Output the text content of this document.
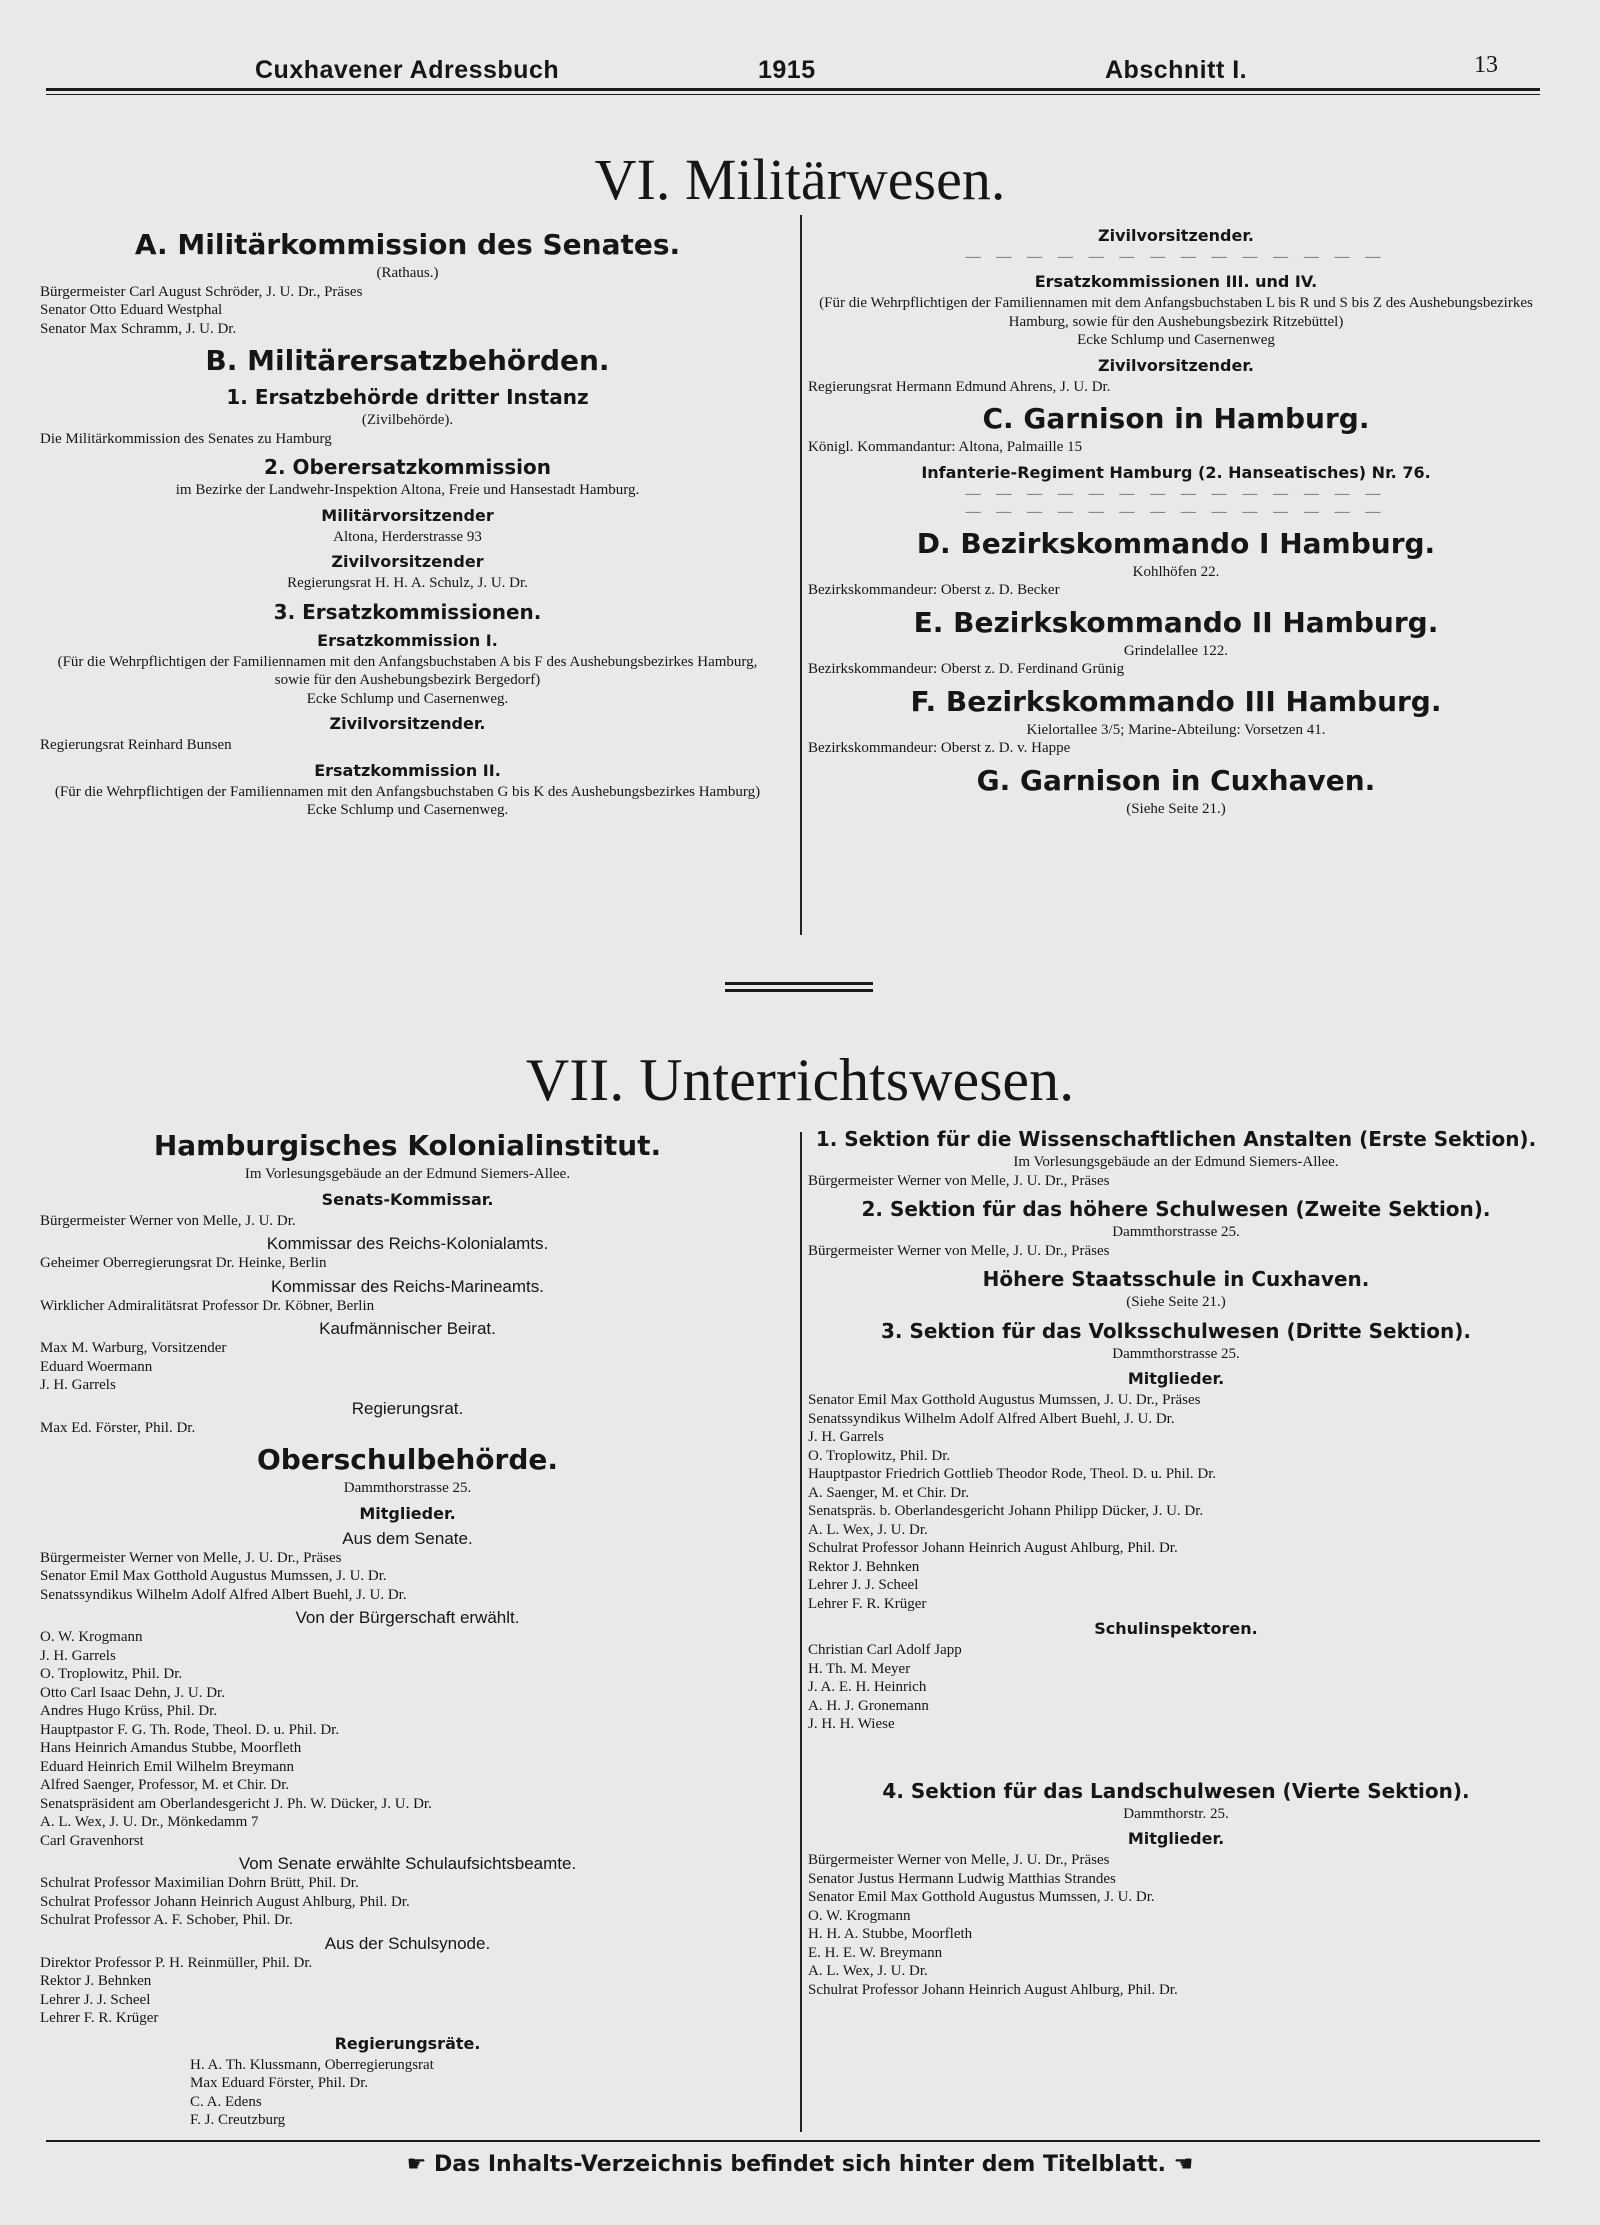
Cuxhavener Adressbuch	1915	Abschnitt I.	13
VI. Militärwesen.
A. Militärkommission des Senates.
(Rathaus.)
Bürgermeister Carl August Schröder, J. U. Dr., Präses
Senator Otto Eduard Westphal
Senator Max Schramm, J. U. Dr.
B. Militärersatzbehörden.
1. Ersatzbehörde dritter Instanz
(Zivilbehörde).
Die Militärkommission des Senates zu Hamburg
2. Oberersatzkommission
im Bezirke der Landwehr-Inspektion Altona, Freie und Hansestadt Hamburg.
Militärvorsitzender
Altona, Herderstrasse 93
Zivilvorsitzender
Regierungsrat H. H. A. Schulz, J. U. Dr.
3. Ersatzkommissionen.
Ersatzkommission I.
(Für die Wehrpflichtigen der Familiennamen mit den Anfangsbuchstaben A bis F des Aushebungsbezirkes Hamburg, sowie für den Aushebungsbezirk Bergedorf)
Ecke Schlump und Casernenweg.
Zivilvorsitzender.
Regierungsrat Reinhard Bunsen
Ersatzkommission II.
(Für die Wehrpflichtigen der Familiennamen mit den Anfangsbuchstaben G bis K des Aushebungsbezirkes Hamburg)
Ecke Schlump und Casernenweg.
Zivilvorsitzender.
— — — — — — — — — — — — — —
Ersatzkommissionen III. und IV.
(Für die Wehrpflichtigen der Familiennamen mit dem Anfangsbuchstaben L bis R und S bis Z des Aushebungsbezirkes Hamburg, sowie für den Aushebungsbezirk Ritzebüttel)
Ecke Schlump und Casernenweg
Zivilvorsitzender.
Regierungsrat Hermann Edmund Ahrens, J. U. Dr.
C. Garnison in Hamburg.
Königl. Kommandantur: Altona, Palmaille 15
Infanterie-Regiment Hamburg (2. Hanseatisches) Nr. 76.
— — — — — — — — — — — — — —
— — — — — — — — — — — — — —
D. Bezirkskommando I Hamburg.
Kohlhöfen 22.
Bezirkskommandeur: Oberst z. D. Becker
E. Bezirkskommando II Hamburg.
Grindelallee 122.
Bezirkskommandeur: Oberst z. D. Ferdinand Grünig
F. Bezirkskommando III Hamburg.
Kielortallee 3/5; Marine-Abteilung: Vorsetzen 41.
Bezirkskommandeur: Oberst z. D. v. Happe
G. Garnison in Cuxhaven.
(Siehe Seite 21.)
VII. Unterrichtswesen.
Hamburgisches Kolonialinstitut.
Im Vorlesungsgebäude an der Edmund Siemers-Allee.
Senats-Kommissar.
Bürgermeister Werner von Melle, J. U. Dr.
Kommissar des Reichs-Kolonialamts.
Geheimer Oberregierungsrat Dr. Heinke, Berlin
Kommissar des Reichs-Marineamts.
Wirklicher Admiralitätsrat Professor Dr. Köbner, Berlin
Kaufmännischer Beirat.
Max M. Warburg, Vorsitzender
Eduard Woermann
J. H. Garrels
Regierungsrat.
Max Ed. Förster, Phil. Dr.
Oberschulbehörde.
Dammthorstrasse 25.
Mitglieder.
Aus dem Senate.
Bürgermeister Werner von Melle, J. U. Dr., Präses
Senator Emil Max Gotthold Augustus Mumssen, J. U. Dr.
Senatssyndikus Wilhelm Adolf Alfred Albert Buehl, J. U. Dr.
Von der Bürgerschaft erwählt.
O. W. Krogmann
J. H. Garrels
O. Troplowitz, Phil. Dr.
Otto Carl Isaac Dehn, J. U. Dr.
Andres Hugo Krüss, Phil. Dr.
Hauptpastor F. G. Th. Rode, Theol. D. u. Phil. Dr.
Hans Heinrich Amandus Stubbe, Moorfleth
Eduard Heinrich Emil Wilhelm Breymann
Alfred Saenger, Professor, M. et Chir. Dr.
Senatspräsident am Oberlandesgericht J. Ph. W. Dücker, J. U. Dr.
A. L. Wex, J. U. Dr., Mönkedamm 7
Carl Gravenhorst
Vom Senate erwählte Schulaufsichtsbeamte.
Schulrat Professor Maximilian Dohrn Brütt, Phil. Dr.
Schulrat Professor Johann Heinrich August Ahlburg, Phil. Dr.
Schulrat Professor A. F. Schober, Phil. Dr.
Aus der Schulsynode.
Direktor Professor P. H. Reinmüller, Phil. Dr.
Rektor J. Behnken
Lehrer J. J. Scheel
Lehrer F. R. Krüger
Regierungsräte.
H. A. Th. Klussmann, Oberregierungsrat
Max Eduard Förster, Phil. Dr.
C. A. Edens
F. J. Creutzburg
1. Sektion für die Wissenschaftlichen Anstalten (Erste Sektion).
Im Vorlesungsgebäude an der Edmund Siemers-Allee.
Bürgermeister Werner von Melle, J. U. Dr., Präses
2. Sektion für das höhere Schulwesen (Zweite Sektion).
Dammthorstrasse 25.
Bürgermeister Werner von Melle, J. U. Dr., Präses
Höhere Staatsschule in Cuxhaven.
(Siehe Seite 21.)
3. Sektion für das Volksschulwesen (Dritte Sektion).
Dammthorstrasse 25.
Mitglieder.
Senator Emil Max Gotthold Augustus Mumssen, J. U. Dr., Präses
Senatssyndikus Wilhelm Adolf Alfred Albert Buehl, J. U. Dr.
J. H. Garrels
O. Troplowitz, Phil. Dr.
Hauptpastor Friedrich Gottlieb Theodor Rode, Theol. D. u. Phil. Dr.
A. Saenger, M. et Chir. Dr.
Senatspräs. b. Oberlandesgericht Johann Philipp Dücker, J. U. Dr.
A. L. Wex, J. U. Dr.
Schulrat Professor Johann Heinrich August Ahlburg, Phil. Dr.
Rektor J. Behnken
Lehrer J. J. Scheel
Lehrer F. R. Krüger
Schulinspektoren.
Christian Carl Adolf Japp
H. Th. M. Meyer
J. A. E. H. Heinrich
A. H. J. Gronemann
J. H. H. Wiese
4. Sektion für das Landschulwesen (Vierte Sektion).
Dammthorstr. 25.
Mitglieder.
Bürgermeister Werner von Melle, J. U. Dr., Präses
Senator Justus Hermann Ludwig Matthias Strandes
Senator Emil Max Gotthold Augustus Mumssen, J. U. Dr.
O. W. Krogmann
H. H. A. Stubbe, Moorfleth
E. H. E. W. Breymann
A. L. Wex, J. U. Dr.
Schulrat Professor Johann Heinrich August Ahlburg, Phil. Dr.
☛ Das Inhalts-Verzeichnis befindet sich hinter dem Titelblatt. ☚
